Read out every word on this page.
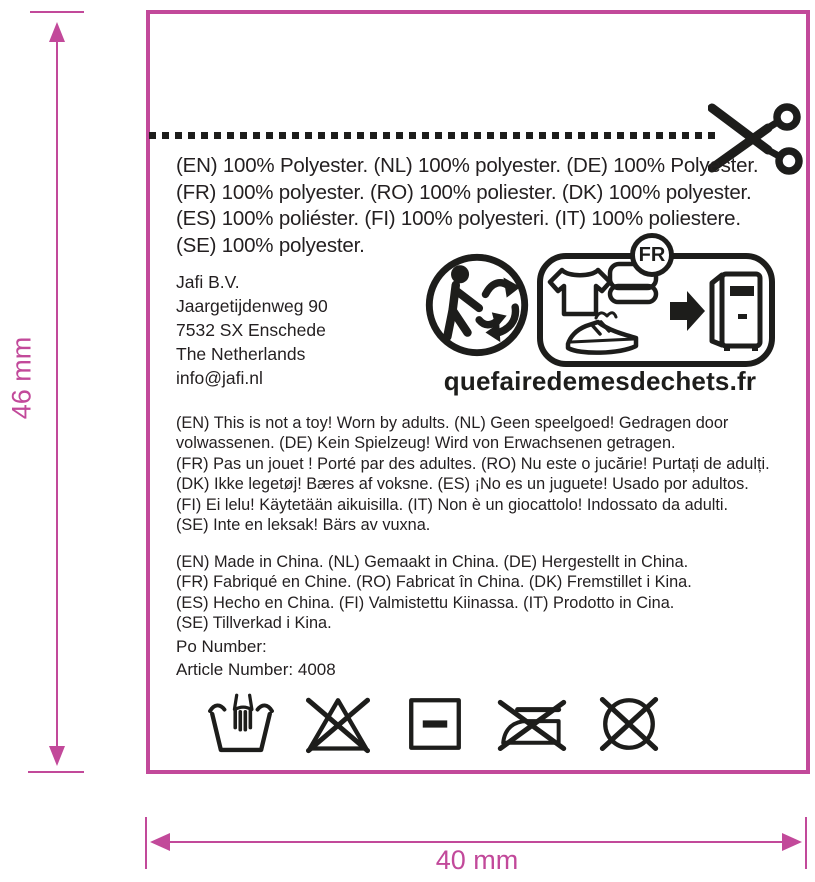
(EN) 100% Polyester. (NL) 100% polyester. (DE) 100% Polyester.
(FR) 100% polyester. (RO) 100% poliester. (DK) 100% polyester.
(ES) 100% poliéster. (FI) 100% polyesteri. (IT) 100% poliestere.
(SE) 100% polyester.
Jafi B.V.
Jaargetijdenweg 90
7532 SX Enschede
The Netherlands
info@jafi.nl
FR
quefairedemesdechets.fr
(EN) This is not a toy! Worn by adults. (NL) Geen speelgoed! Gedragen door
volwassenen. (DE) Kein Spielzeug! Wird von Erwachsenen getragen.
(FR) Pas un jouet ! Porté par des adultes. (RO) Nu este o jucărie! Purtați de adulți.
(DK) Ikke legetøj! Bæres af voksne. (ES) ¡No es un juguete! Usado por adultos.
(FI) Ei lelu! Käytetään aikuisilla. (IT) Non è un giocattolo! Indossato da adulti.
(SE) Inte en leksak! Bärs av vuxna.
(EN) Made in China. (NL) Gemaakt in China. (DE) Hergestellt in China.
(FR) Fabriqué en Chine. (RO) Fabricat în China. (DK) Fremstillet i Kina.
(ES) Hecho en China. (FI) Valmistettu Kiinassa. (IT) Prodotto in Cina.
(SE) Tillverkad i Kina.
Po Number:
Article Number: 4008
46 mm
40 mm
